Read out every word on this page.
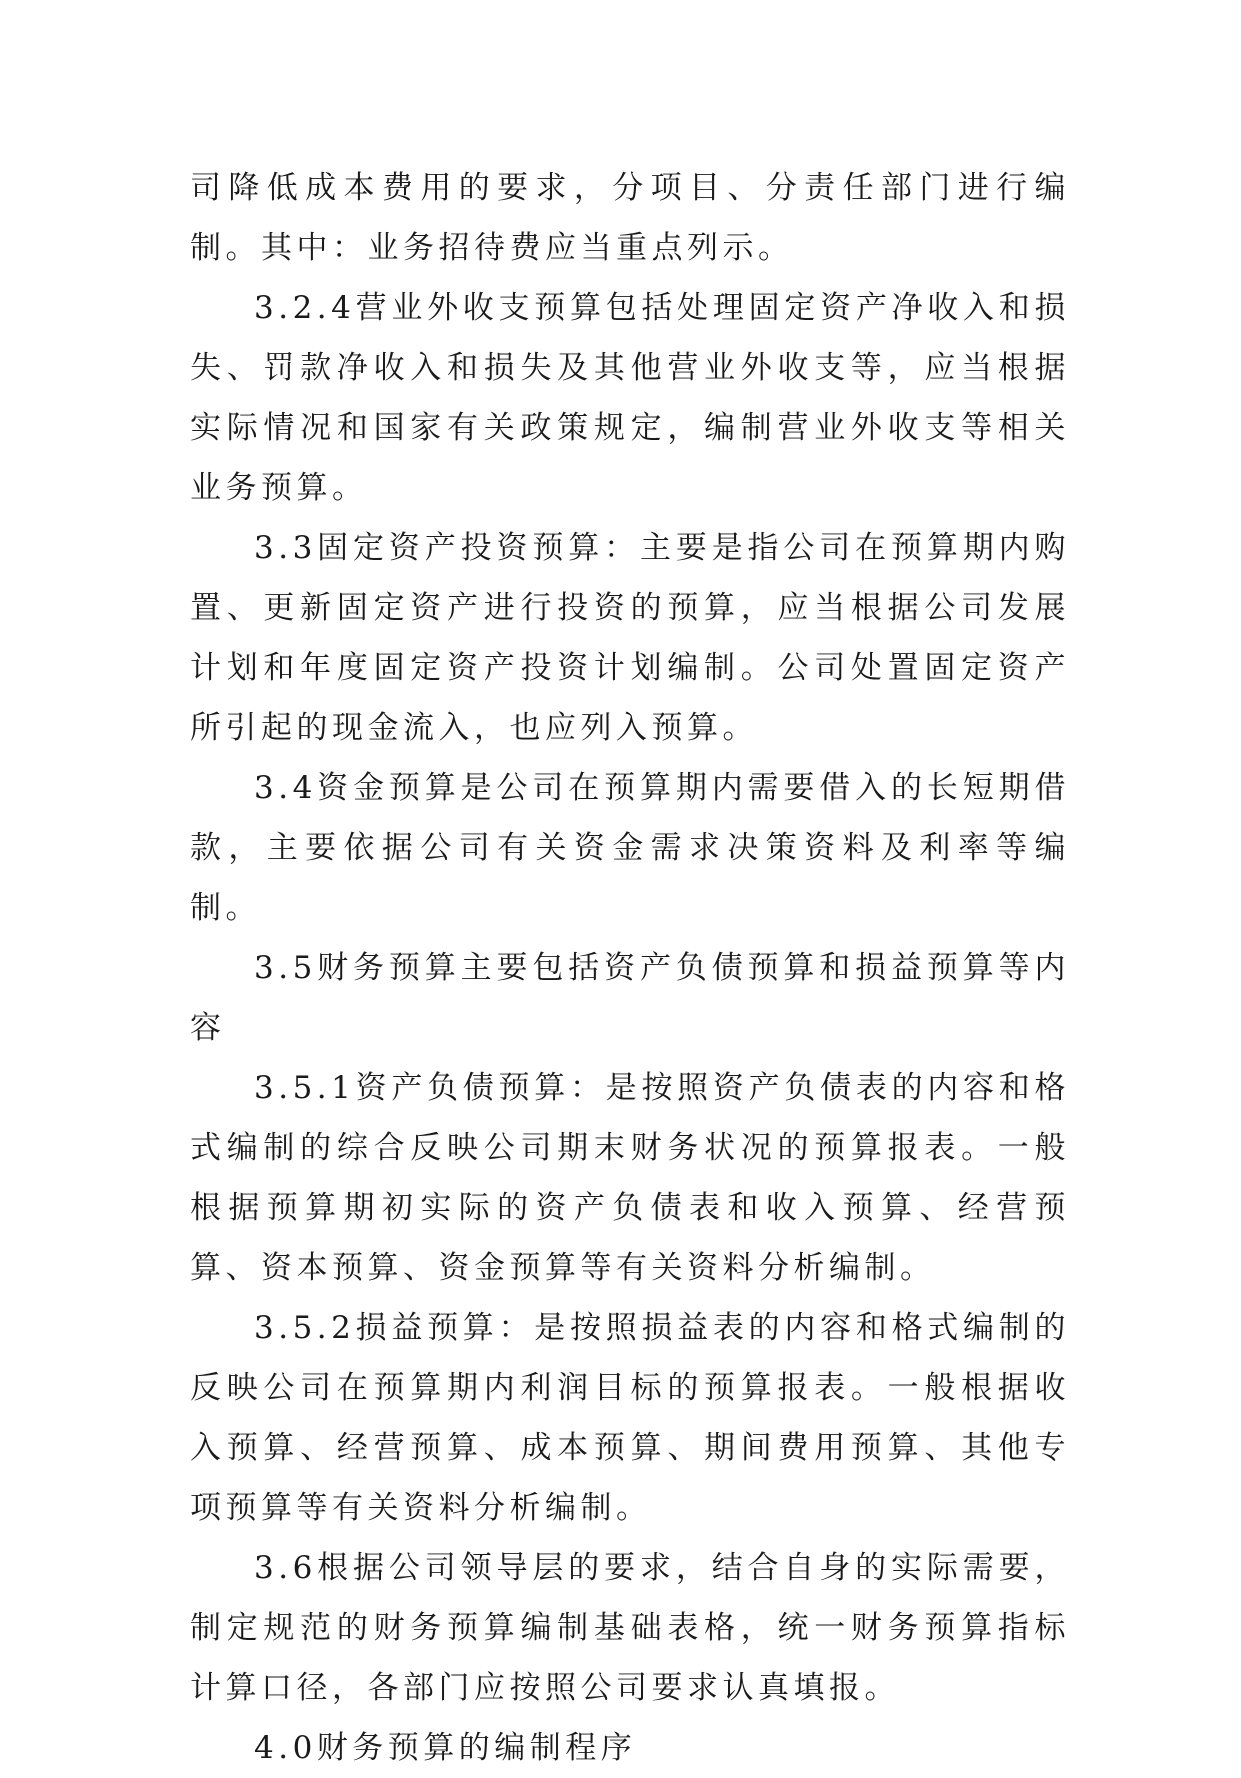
司降低成本费用的要求，分项目、分责任部门进行编制。其中：业务招待费应当重点列示。

3.2.4营业外收支预算包括处理固定资产净收入和损失、罚款净收入和损失及其他营业外收支等，应当根据实际情况和国家有关政策规定，编制营业外收支等相关业务预算。

3.3固定资产投资预算：主要是指公司在预算期内购置、更新固定资产进行投资的预算，应当根据公司发展计划和年度固定资产投资计划编制。公司处置固定资产所引起的现金流入，也应列入预算。

3.4资金预算是公司在预算期内需要借入的长短期借款，主要依据公司有关资金需求决策资料及利率等编制。

3.5财务预算主要包括资产负债预算和损益预算等内容

3.5.1资产负债预算：是按照资产负债表的内容和格式编制的综合反映公司期末财务状况的预算报表。一般根据预算期初实际的资产负债表和收入预算、经营预算、资本预算、资金预算等有关资料分析编制。

3.5.2损益预算：是按照损益表的内容和格式编制的反映公司在预算期内利润目标的预算报表。一般根据收入预算、经营预算、成本预算、期间费用预算、其他专项预算等有关资料分析编制。

3.6根据公司领导层的要求，结合自身的实际需要，制定规范的财务预算编制基础表格，统一财务预算指标计算口径，各部门应按照公司要求认真填报。

4.0财务预算的编制程序
